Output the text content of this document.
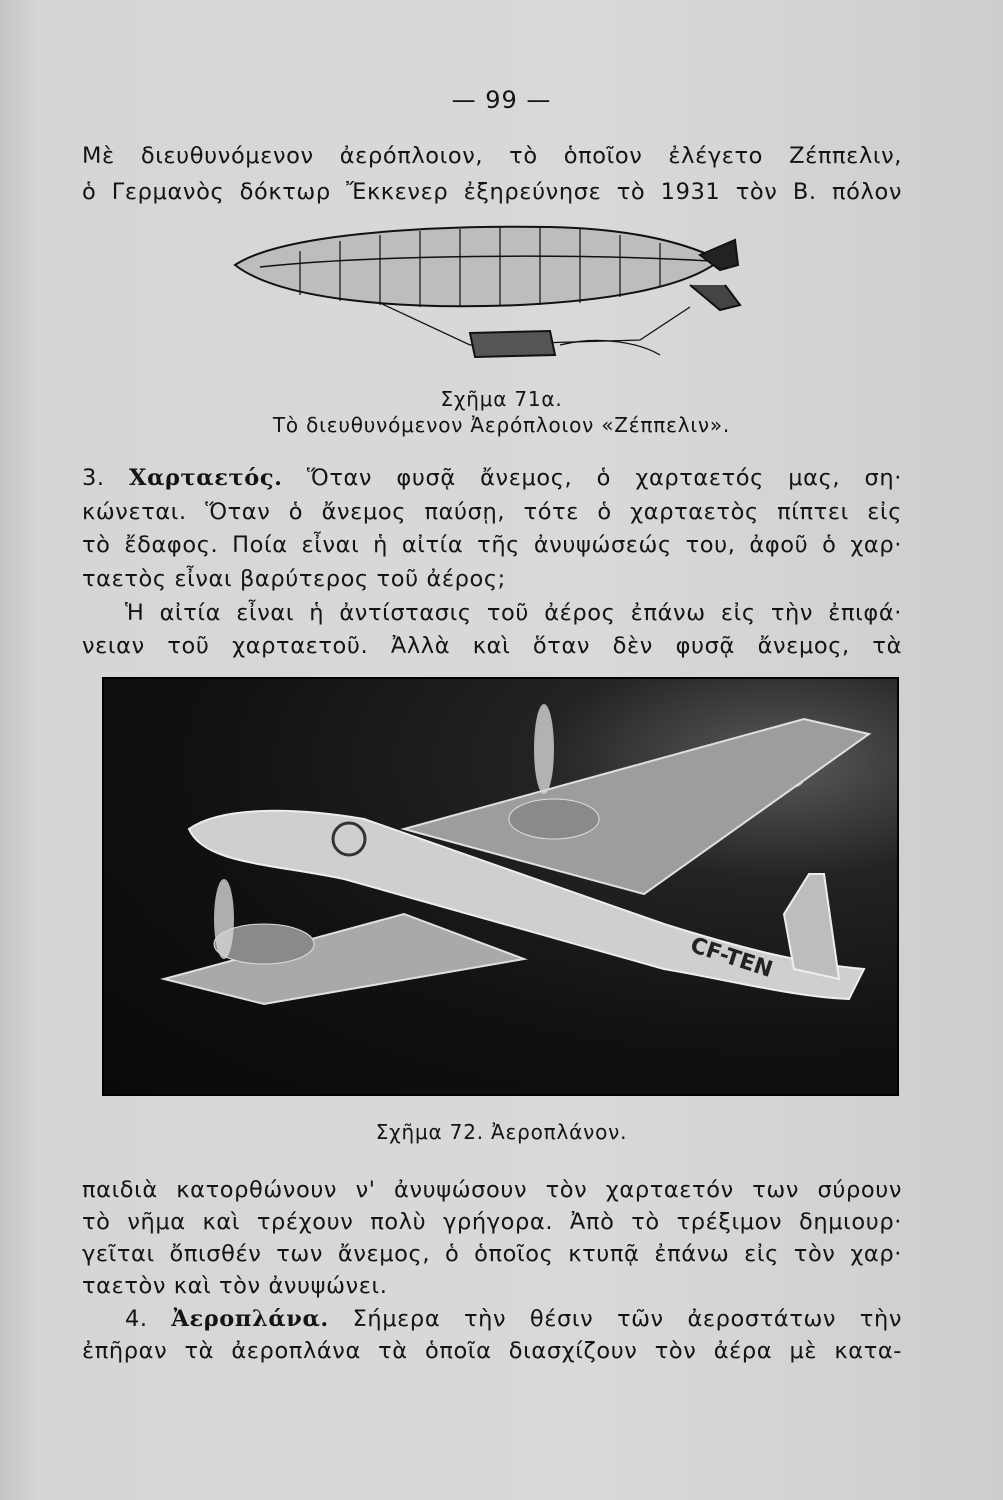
— 99 —
Μὲ διευθυνόμενον ἀερόπλοιον, τὸ ὁποῖον ἐλέγετο Ζέππελιν,
ὁ Γερμανὸς δόκτωρ Ἔκκενερ ἐξηρεύνησε τὸ 1931 τὸν Β. πόλον
Σχῆμα 71α.
Τὸ διευθυνόμενον Ἀερόπλοιον «Ζέππελιν».
3. Χαρταετός. Ὅταν φυσᾷ ἄνεμος, ὁ χαρταετός μας, ση·
κώνεται. Ὅταν ὁ ἄνεμος παύσῃ, τότε ὁ χαρταετὸς πίπτει εἰς
τὸ ἔδαφος. Ποία εἶναι ἡ αἰτία τῆς ἀνυψώσεώς του, ἀφοῦ ὁ χαρ·
ταετὸς εἶναι βαρύτερος τοῦ ἀέρος;
Ἡ αἰτία εἶναι ἡ ἀντίστασις τοῦ ἀέρος ἐπάνω εἰς τὴν ἐπιφά·
νειαν τοῦ χαρταετοῦ. Ἀλλὰ καὶ ὅταν δὲν φυσᾷ ἄνεμος, τὰ
CF-TEN
Σχῆμα 72. Ἀεροπλάνον.
παιδιὰ κατορθώνουν ν' ἀνυψώσουν τὸν χαρταετόν των σύρουν
τὸ νῆμα καὶ τρέχουν πολὺ γρήγορα. Ἀπὸ τὸ τρέξιμον δημιουρ·
γεῖται ὄπισθέν των ἄνεμος, ὁ ὁποῖος κτυπᾷ ἐπάνω εἰς τὸν χαρ·
ταετὸν καὶ τὸν ἀνυψώνει.
4. Ἀεροπλάνα. Σήμερα τὴν θέσιν τῶν ἀεροστάτων τὴν
ἐπῆραν τὰ ἀεροπλάνα τὰ ὁποῖα διασχίζουν τὸν ἀέρα μὲ κατα-
